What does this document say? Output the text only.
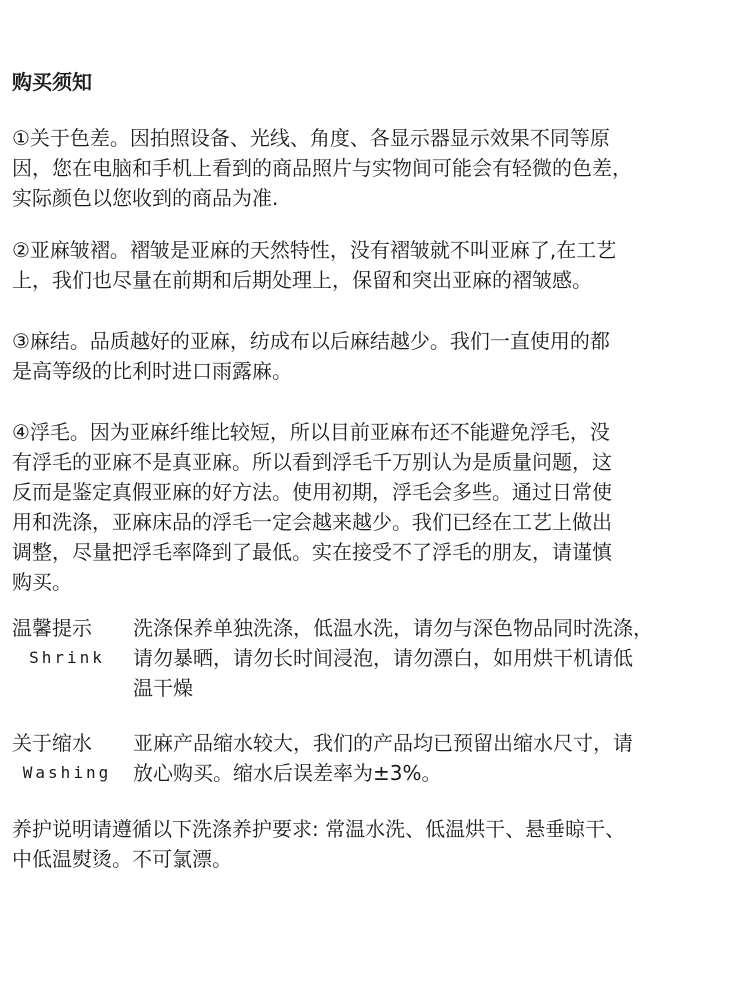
购买须知
①关于色差。因拍照设备、光线、角度、各显示器显示效果不同等原
因，您在电脑和手机上看到的商品照片与实物间可能会有轻微的色差，
实际颜色以您收到的商品为准.
②亚麻皱褶。褶皱是亚麻的天然特性，没有褶皱就不叫亚麻了,在工艺
上，我们也尽量在前期和后期处理上，保留和突出亚麻的褶皱感。
③麻结。品质越好的亚麻，纺成布以后麻结越少。我们一直使用的都
是高等级的比利时进口雨露麻。
④浮毛。因为亚麻纤维比较短，所以目前亚麻布还不能避免浮毛，没
有浮毛的亚麻不是真亚麻。所以看到浮毛千万别认为是质量问题，这
反而是鉴定真假亚麻的好方法。使用初期，浮毛会多些。通过日常使
用和洗涤，亚麻床品的浮毛一定会越来越少。我们已经在工艺上做出
调整，尽量把浮毛率降到了最低。实在接受不了浮毛的朋友，请谨慎
购买。
温馨提示
Shrink
洗涤保养单独洗涤，低温水洗，请勿与深色物品同时洗涤，
请勿暴晒，请勿长时间浸泡，请勿漂白，如用烘干机请低
温干燥
关于缩水
Washing
亚麻产品缩水较大，我们的产品均已预留出缩水尺寸，请
放心购买。缩水后误差率为±3%。
养护说明请遵循以下洗涤养护要求: 常温水洗、低温烘干、悬垂晾干、
中低温熨烫。不可氯漂。
